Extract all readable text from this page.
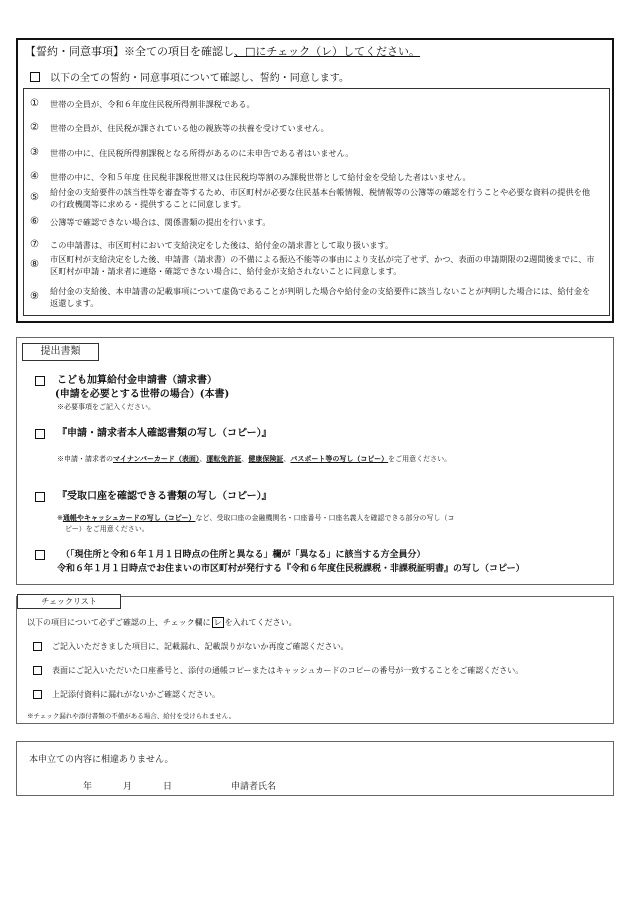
【誓約・同意事項】※全ての項目を確認し、□にチェック（レ）してください。
以下の全ての誓約・同意事項について確認し、誓約・同意します。
①	世帯の全員が、令和６年度住民税所得割非課税である。
②	世帯の全員が、住民税が課されている他の親族等の扶養を受けていません。
③	世帯の中に、住民税所得割課税となる所得があるのに未申告である者はいません。
④	世帯の中に、令和５年度 住民税非課税世帯又は住民税均等割のみ課税世帯として給付金を受給した者はいません。
⑤	給付金の支給要件の該当性等を審査等するため、市区町村が必要な住民基本台帳情報、税情報等の公簿等の確認を行うことや必要な資料の提供を他の行政機関等に求める・提供することに同意します。
⑥	公簿等で確認できない場合は、関係書類の提出を行います。
⑦	この申請書は、市区町村において支給決定をした後は、給付金の請求書として取り扱います。
⑧	市区町村が支給決定をした後、申請書（請求書）の不備による振込不能等の事由により支払が完了せず、かつ、表面の申請期限の2週間後までに、市区町村が申請・請求者に連絡・確認できない場合に、給付金が支給されないことに同意します。
⑨	給付金の支給後、本申請書の記載事項について虚偽であることが判明した場合や給付金の支給要件に該当しないことが判明した場合には、給付金を返還します。
提出書類
こども加算給付金申請書（請求書）
(申請を必要とする世帯の場合）(本書)
※必要事項をご記入ください。
『申請・請求者本人確認書類の写し（コピー）』
※申請・請求者のマイナンバーカード（表面）、運転免許証、健康保険証、パスポート等の写し（コピー）をご用意ください。
『受取口座を確認できる書類の写し（コピー）』
※通帳やキャッシュカードの写し（コピー）など、受取口座の金融機関名・口座番号・口座名義人を確認できる部分の写し（コ
ピー）をご用意ください。
（「現住所と令和６年１月１日時点の住所と異なる」欄が「異なる」に該当する方全員分）
令和６年１月１日時点でお住まいの市区町村が発行する『令和６年度住民税課税・非課税証明書』の写し（コピー）
チェックリスト
以下の項目について必ずご確認の上、チェック欄に レ を入れてください。
ご記入いただきました項目に、記載漏れ、記載誤りがないか再度ご確認ください。
表面にご記入いただいた口座番号と、添付の通帳コピーまたはキャッシュカードのコピーの番号が一致することをご確認ください。
上記添付資料に漏れがないかご確認ください。
※チェック漏れや添付書類の不備がある場合、給付を受けられません。
本申立ての内容に相違ありません。
年	月	日	申請者氏名
